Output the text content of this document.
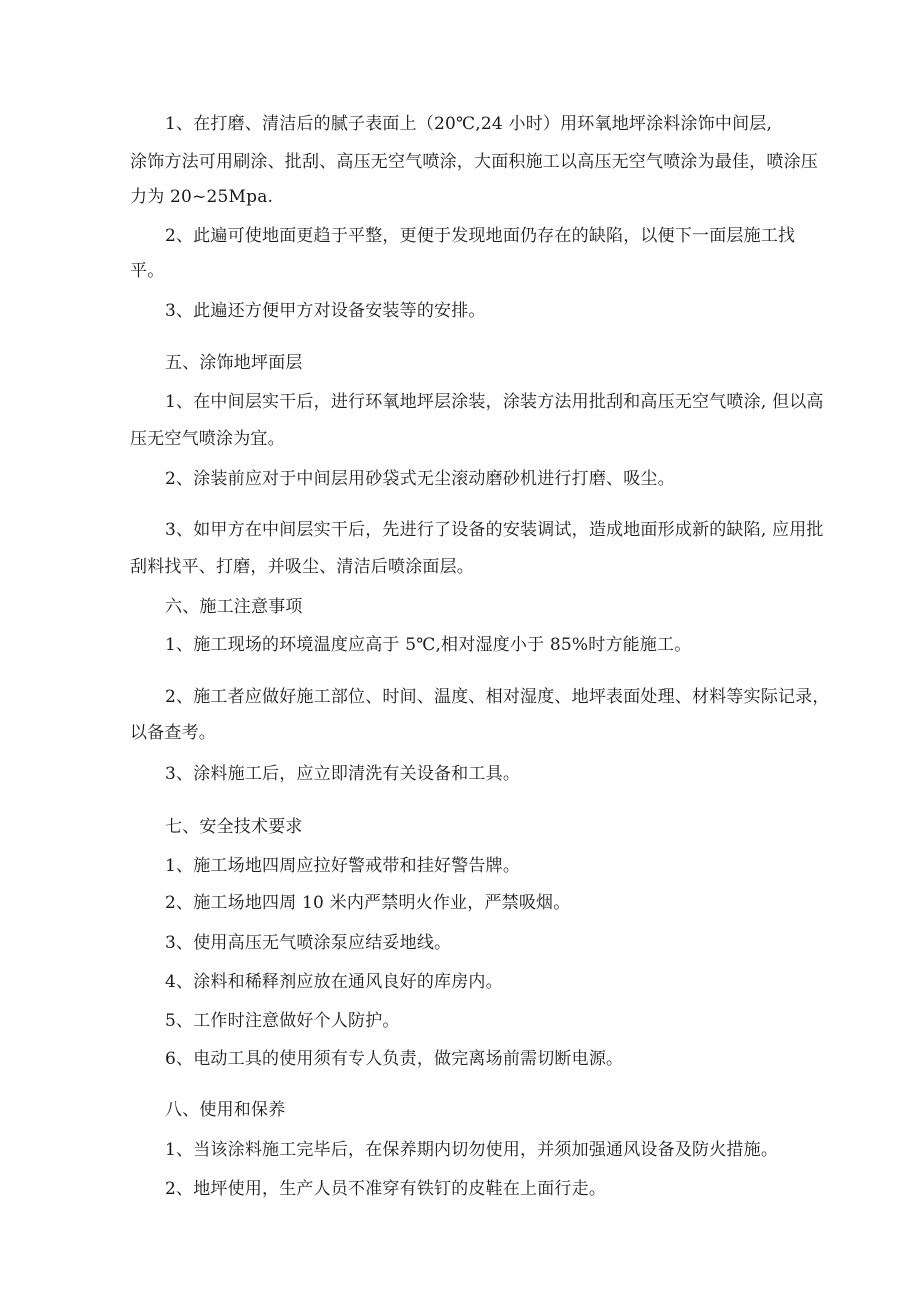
1、在打磨、清洁后的腻子表面上（20℃,24 小时）用环氧地坪涂料涂饰中间层,

涂饰方法可用刷涂、批刮、高压无空气喷涂，大面积施工以高压无空气喷涂为最佳，喷涂压

力为 20~25Mpa.

2、此遍可使地面更趋于平整，更便于发现地面仍存在的缺陷，以便下一面层施工找

平。

3、此遍还方便甲方对设备安装等的安排。

五、涂饰地坪面层

1、在中间层实干后，进行环氧地坪层涂装，涂装方法用批刮和高压无空气喷涂, 但以高

压无空气喷涂为宜。

2、涂装前应对于中间层用砂袋式无尘滚动磨砂机进行打磨、吸尘。

3、如甲方在中间层实干后，先进行了设备的安装调试，造成地面形成新的缺陷, 应用批

刮料找平、打磨，并吸尘、清洁后喷涂面层。

六、施工注意事项

1、施工现场的环境温度应高于 5℃,相对湿度小于 85%时方能施工。

2、施工者应做好施工部位、时间、温度、相对湿度、地坪表面处理、材料等实际记录，

以备查考。

3、涂料施工后，应立即清洗有关设备和工具。

七、安全技术要求

1、施工场地四周应拉好警戒带和挂好警告牌。

2、施工场地四周 10 米内严禁明火作业，严禁吸烟。

3、使用高压无气喷涂泵应结妥地线。

4、涂料和稀释剂应放在通风良好的库房内。

5、工作时注意做好个人防护。

6、电动工具的使用须有专人负责，做完离场前需切断电源。

八、使用和保养

1、当该涂料施工完毕后，在保养期内切勿使用，并须加强通风设备及防火措施。

2、地坪使用，生产人员不准穿有铁钉的皮鞋在上面行走。
